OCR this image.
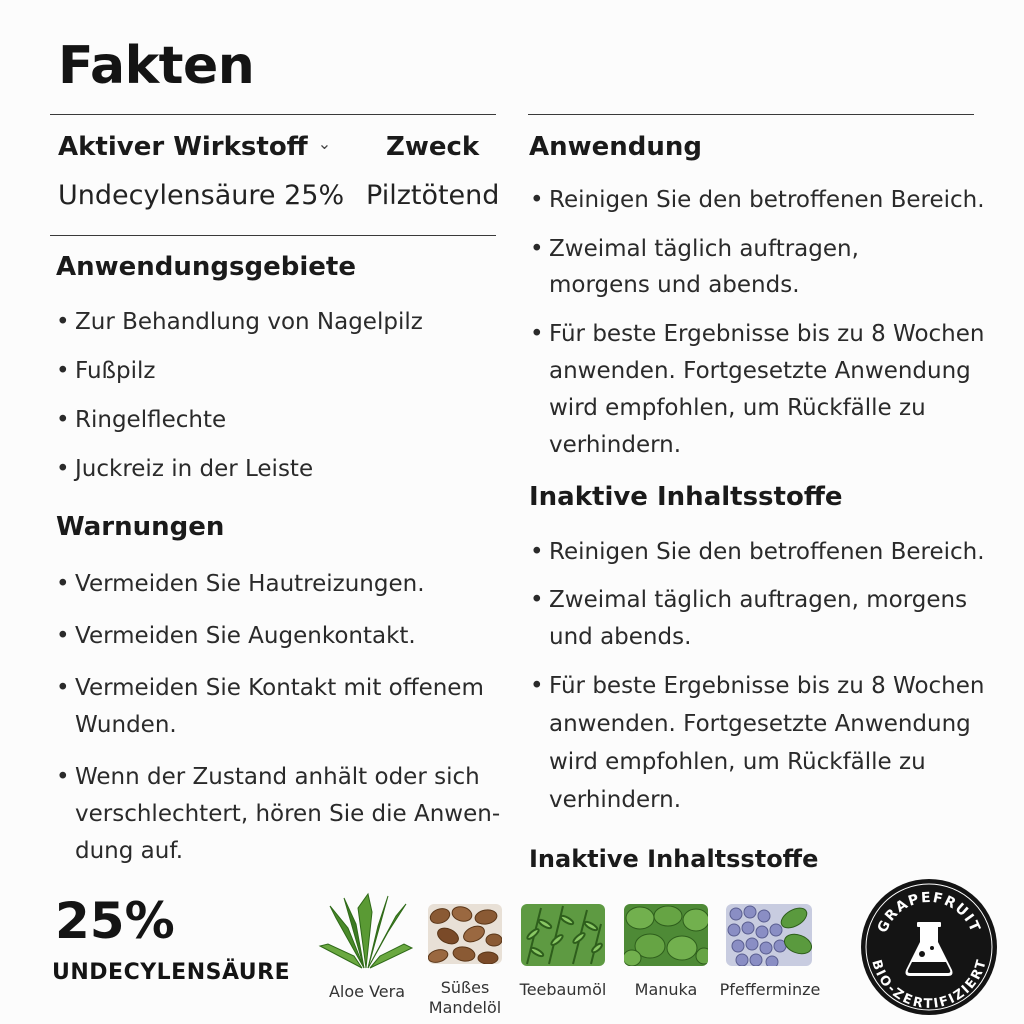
Fakten
Aktiver Wirkstoff ⌄ Zweck
Undecylensäure 25% Pilztötend
Anwendungsgebiete
• Zur Behandlung von Nagelpilz
• Fußpilz
• Ringelflechte
• Juckreiz in der Leiste
Warnungen
• Vermeiden Sie Hautreizungen.
• Vermeiden Sie Augenkontakt.
• Vermeiden Sie Kontakt mit offenem Wunden.
• Wenn der Zustand anhält oder sich verschlechtert, hören Sie die Anwendung auf.
Anwendung
• Reinigen Sie den betroffenen Bereich.
• Zweimal täglich auftragen, morgens und abends.
• Für beste Ergebnisse bis zu 8 Wochen anwenden. Fortgesetzte Anwendung wird empfohlen, um Rückfälle zu verhindern.
Inaktive Inhaltsstoffe
• Reinigen Sie den betroffenen Bereich.
• Zweimal täglich auftragen, morgens und abends.
• Für beste Ergebnisse bis zu 8 Wochen anwenden. Fortgesetzte Anwendung wird empfohlen, um Rückfälle zu verhindern.
Inaktive Inhaltsstoffe
25%
UNDECYLENSÄURE
Aloe Vera	Süßes
Mandelöl
Teebaumöl	Manuka	Pfefferminze
GRAPEFRUIT
BIO-ZERTIFIZIERT
